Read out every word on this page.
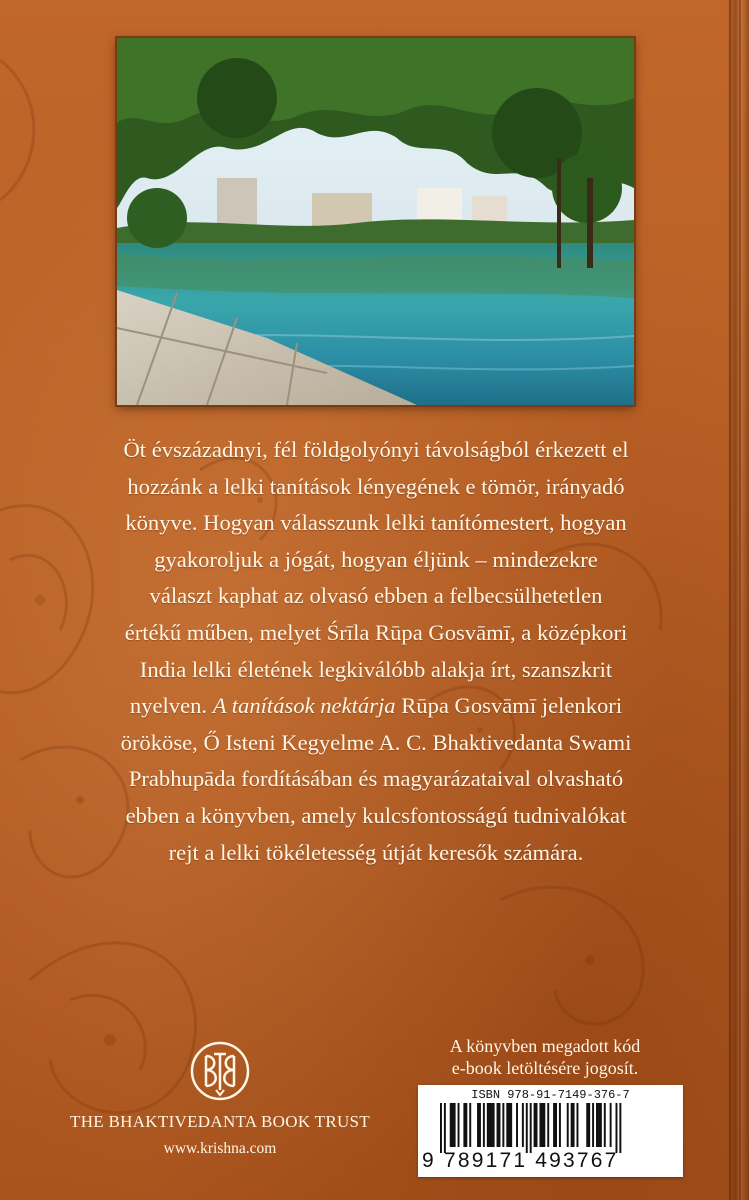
Öt évszázadnyi, fél földgolyónyi távolságból érkezett el
hozzánk a lelki tanítások lényegének e tömör, irányadó
könyve. Hogyan válasszunk lelki tanítómestert, hogyan
gyakoroljuk a jógát, hogyan éljünk – mindezekre
választ kaphat az olvasó ebben a felbecsülhetetlen
értékű műben, melyet Śrīla Rūpa Gosvāmī, a középkori
India lelki életének legkiválóbb alakja írt, szanszkrit
nyelven. A tanítások nektárja Rūpa Gosvāmī jelenkori
örököse, Ő Isteni Kegyelme A. C. Bhaktivedanta Swami
Prabhupāda fordításában és magyarázataival olvasható
ebben a könyvben, amely kulcsfontosságú tudnivalókat
rejt a lelki tökéletesség útját keresők számára.
THE BHAKTIVEDANTA BOOK TRUST
www.krishna.com
A könyvben megadott kód
e-book letöltésére jogosít.
ISBN 978-91-7149-376-7
9 789171 493767
